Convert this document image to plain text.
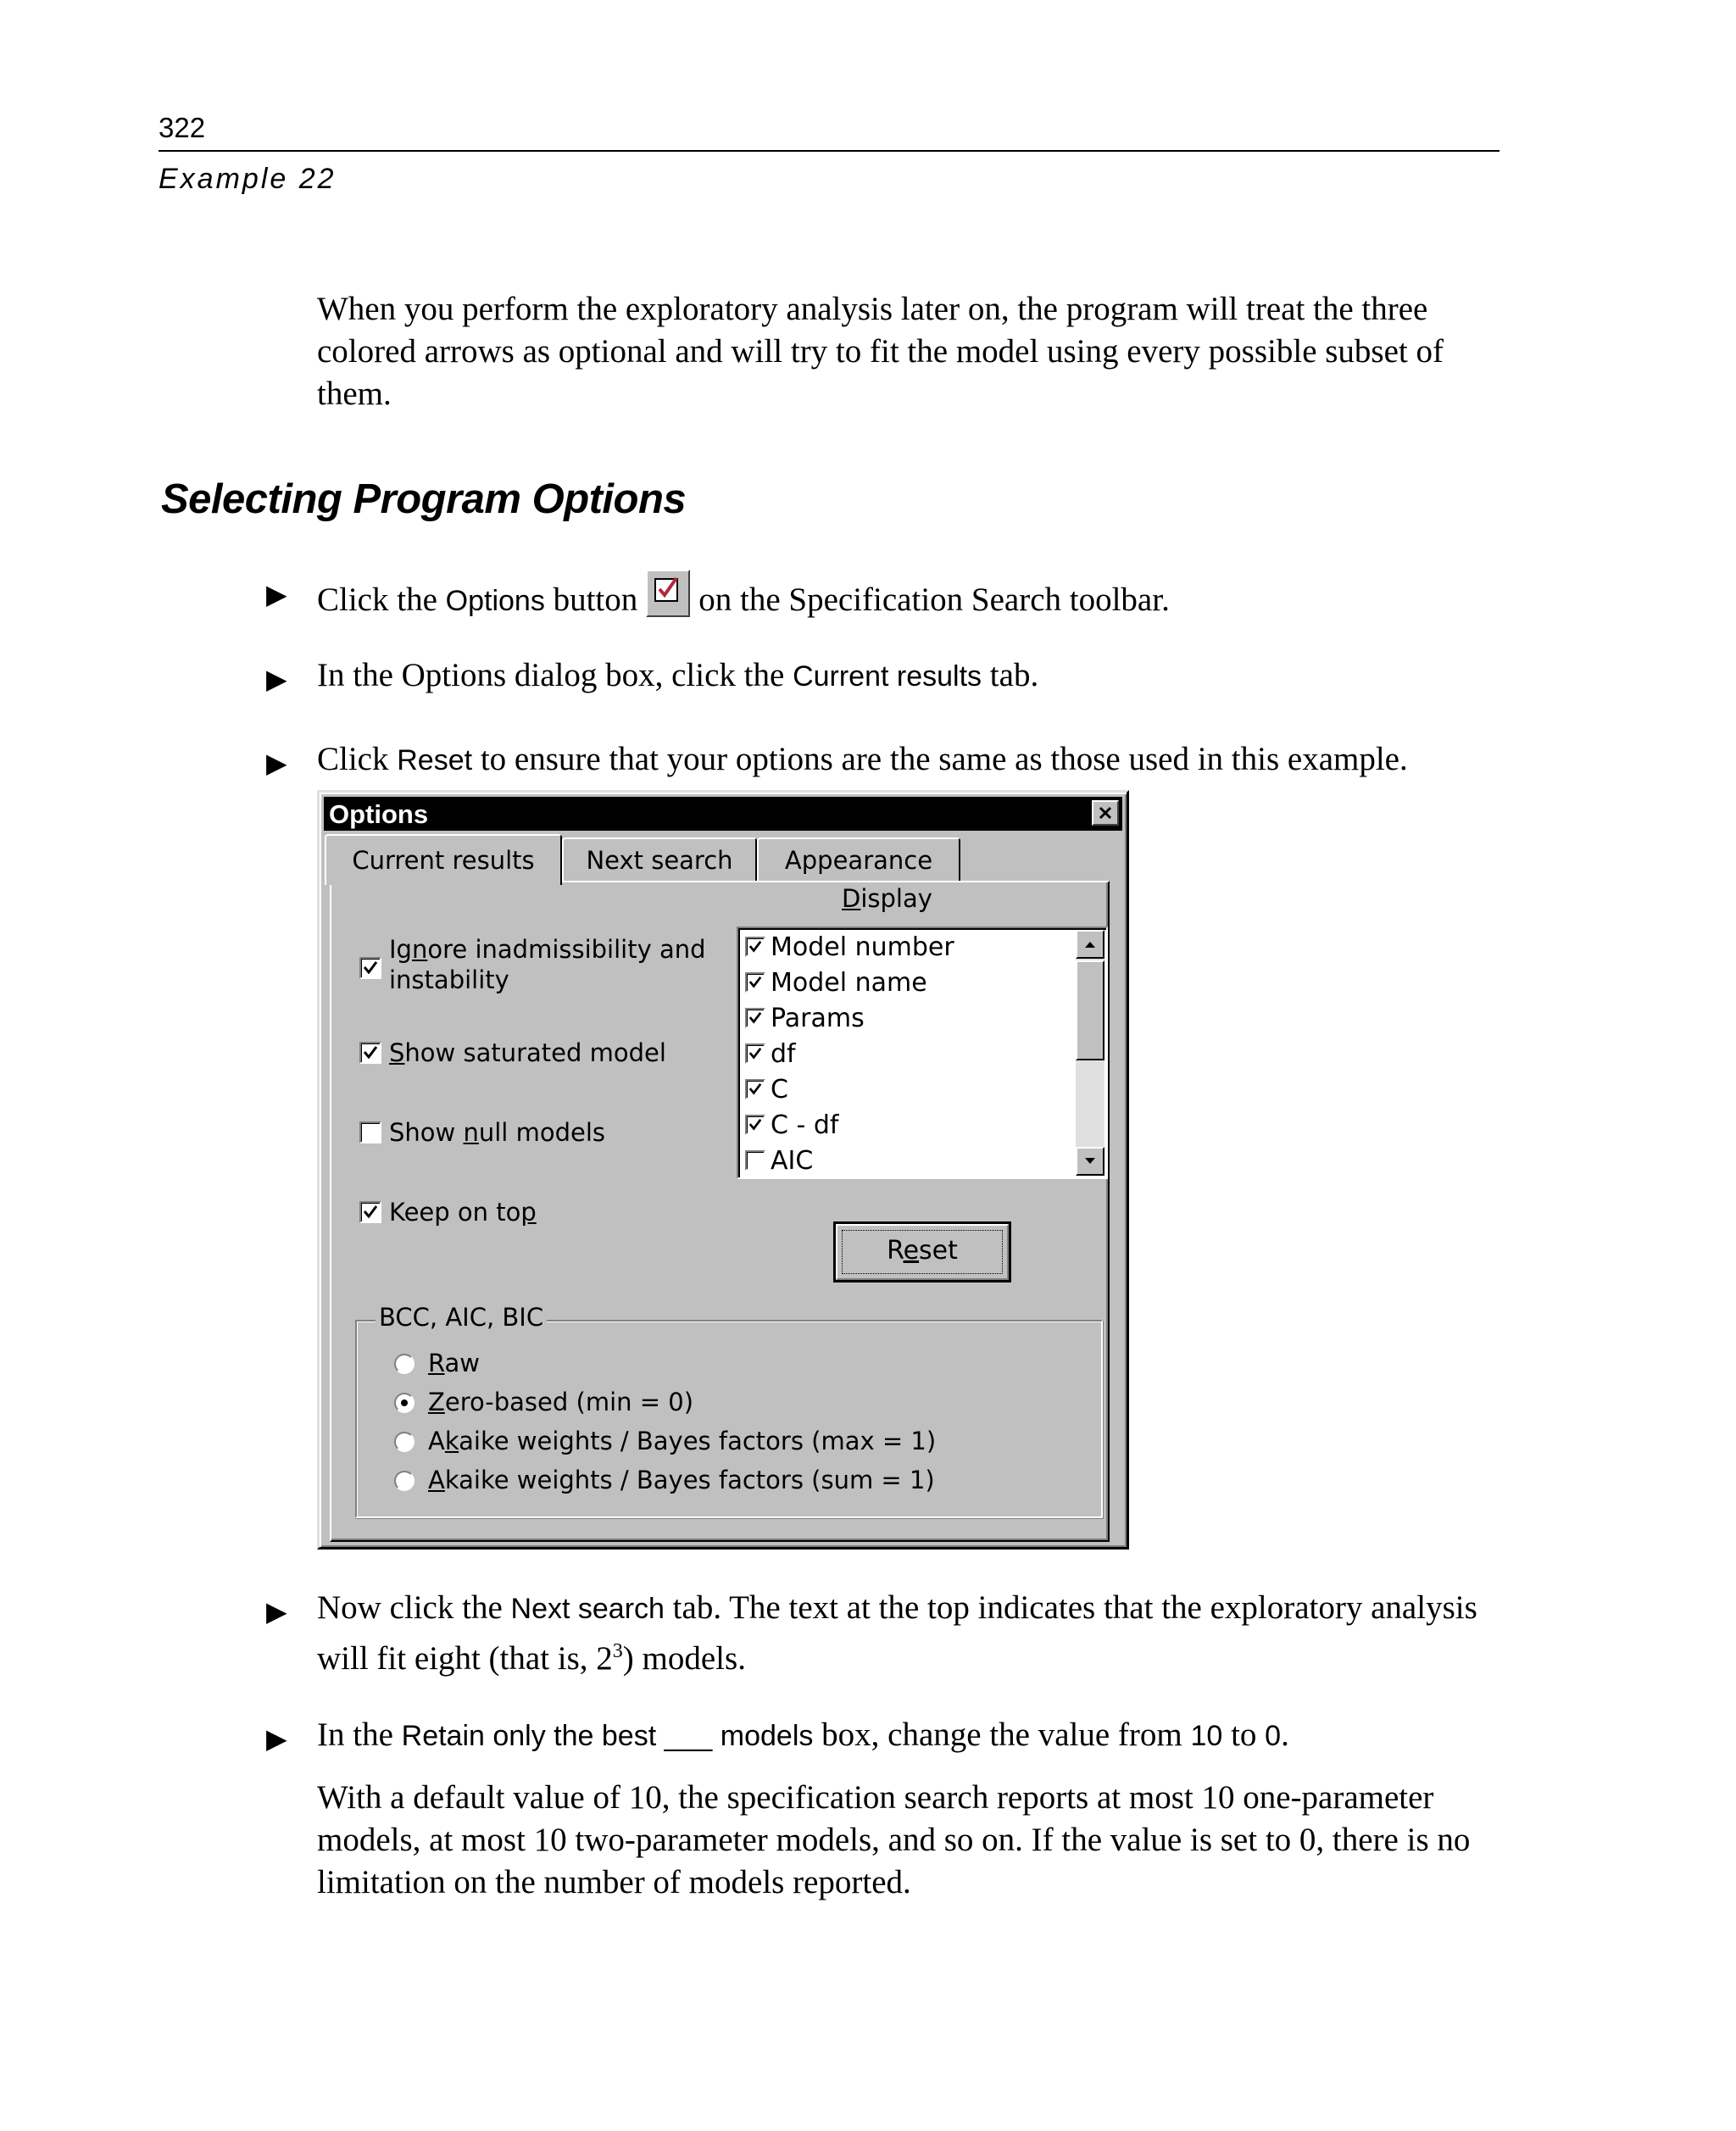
322
Example 22
When you perform the exploratory analysis later on, the program will treat the three colored arrows as optional and will try to fit the model using every possible subset of them.
Selecting Program Options
▶ Click the Options button on the Specification Search toolbar.
▶ In the Options dialog box, click the Current results tab.
▶ Click Reset to ensure that your options are the same as those used in this example.
Options
Current results	Next search	Appearance
Display
Ignore inadmissibility and
instability
Show saturated model
Show null models
Keep on top
Model number
Model name
Params
df
C
C - df
AIC
Reset
BCC, AIC, BIC
Raw
Zero-based (min = 0)
Akaike weights / Bayes factors (max = 1)
Akaike weights / Bayes factors (sum = 1)
▶ Now click the Next search tab. The text at the top indicates that the exploratory analysis will fit eight (that is, $2^3$) models.
▶ In the Retain only the best ___ models box, change the value from 10 to 0.
With a default value of 10, the specification search reports at most 10 one-parameter models, at most 10 two-parameter models, and so on. If the value is set to 0, there is no limitation on the number of models reported.
